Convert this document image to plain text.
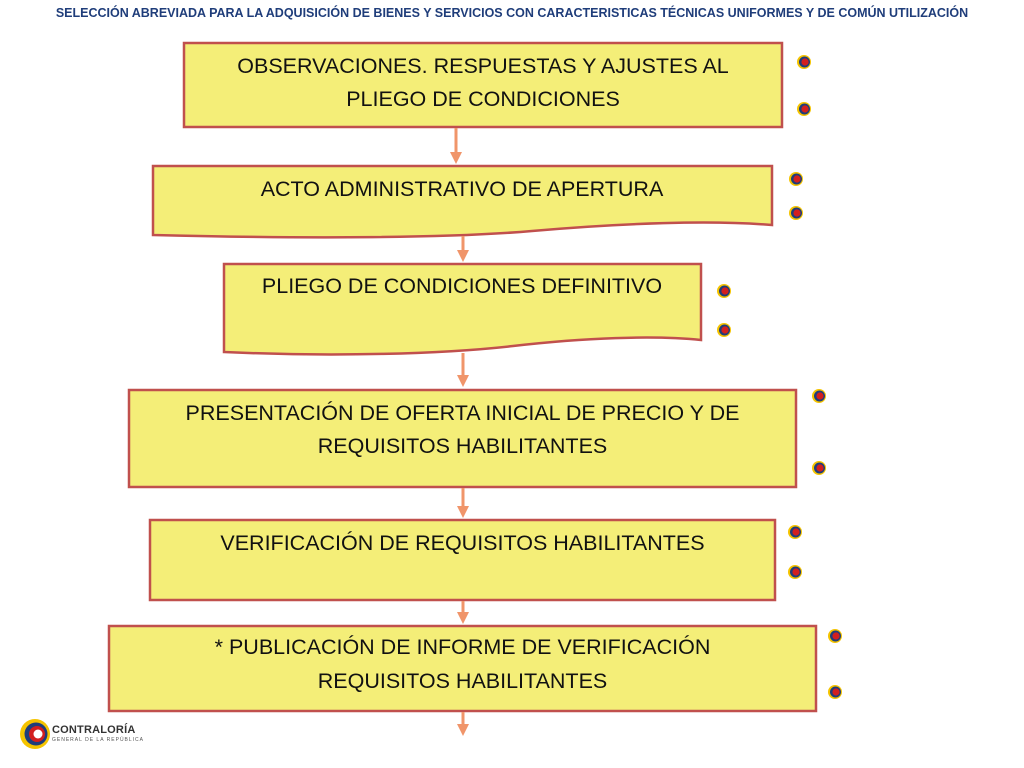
SELECCIÓN ABREVIADA PARA LA ADQUISICIÓN DE BIENES Y SERVICIOS CON CARACTERISTICAS TÉCNICAS UNIFORMES Y DE COMÚN UTILIZACIÓN
OBSERVACIONES. RESPUESTAS Y AJUSTES AL
PLIEGO DE CONDICIONES
ACTO ADMINISTRATIVO DE APERTURA
PLIEGO DE CONDICIONES DEFINITIVO
PRESENTACIÓN DE OFERTA INICIAL DE PRECIO Y DE
REQUISITOS HABILITANTES
VERIFICACIÓN DE REQUISITOS HABILITANTES
* PUBLICACIÓN DE INFORME DE VERIFICACIÓN
REQUISITOS HABILITANTES
CONTRALORÍA
GENERAL DE LA REPÚBLICA
